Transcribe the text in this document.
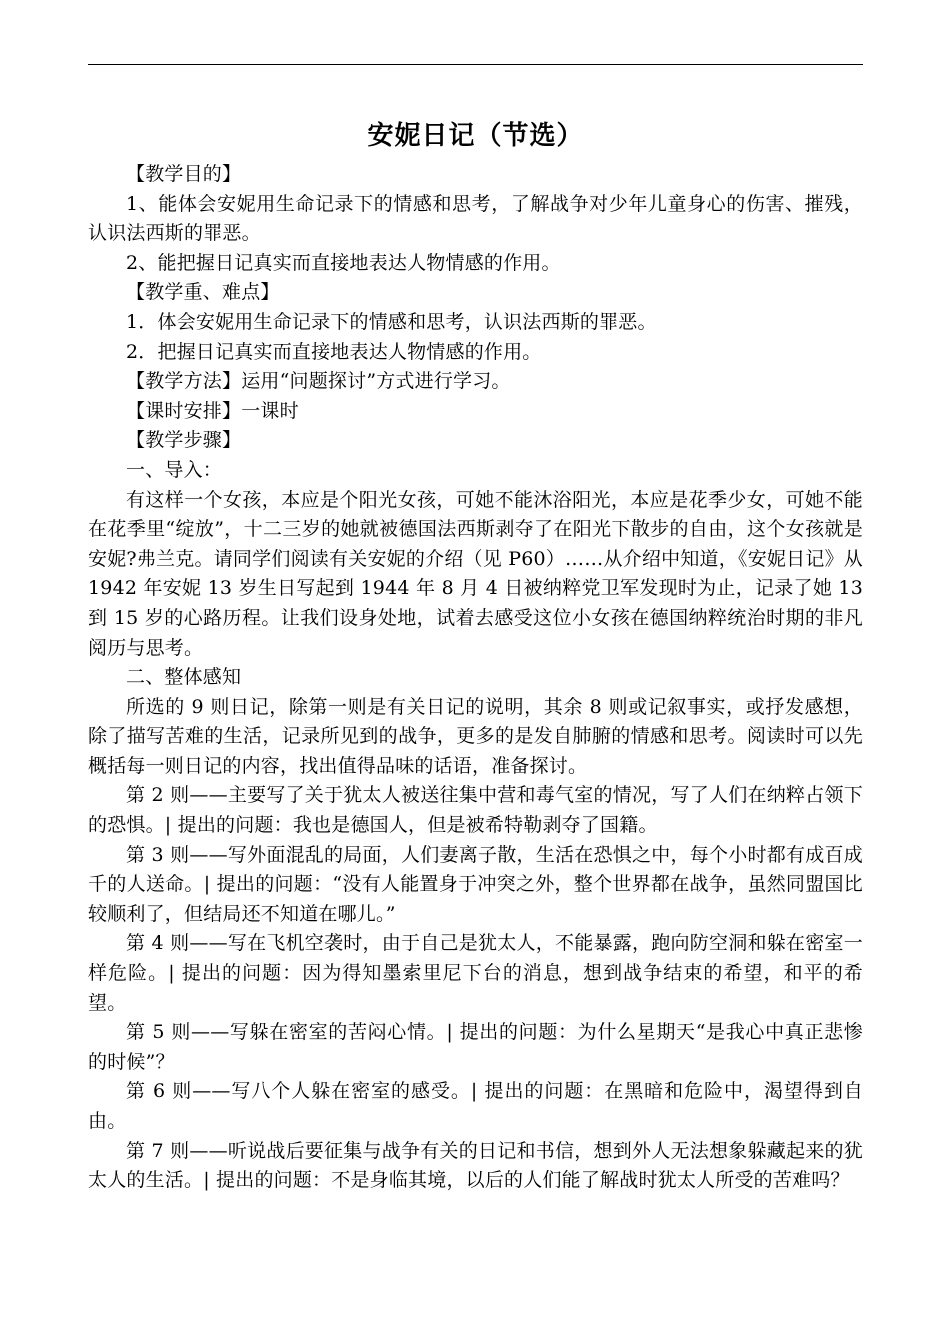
安妮日记（节选）

【教学目的】

1、能体会安妮用生命记录下的情感和思考，了解战争对少年儿童身心的伤害、摧残，认识法西斯的罪恶。

2、能把握日记真实而直接地表达人物情感的作用。

【教学重、难点】

1．体会安妮用生命记录下的情感和思考，认识法西斯的罪恶。

2．把握日记真实而直接地表达人物情感的作用。

【教学方法】运用“问题探讨”方式进行学习。

【课时安排】一课时

【教学步骤】

一、导入：

有这样一个女孩，本应是个阳光女孩，可她不能沐浴阳光，本应是花季少女，可她不能在花季里“绽放”，十二三岁的她就被德国法西斯剥夺了在阳光下散步的自由，这个女孩就是安妮?弗兰克。请同学们阅读有关安妮的介绍（见 P60）……从介绍中知道，《安妮日记》从 1942 年安妮 13 岁生日写起到 1944 年 8 月 4 日被纳粹党卫军发现时为止，记录了她 13 到 15 岁的心路历程。让我们设身处地，试着去感受这位小女孩在德国纳粹统治时期的非凡阅历与思考。

二、整体感知

所选的 9 则日记，除第一则是有关日记的说明，其余 8 则或记叙事实，或抒发感想，除了描写苦难的生活，记录所见到的战争，更多的是发自肺腑的情感和思考。阅读时可以先概括每一则日记的内容，找出值得品味的话语，准备探讨。

第 2 则——主要写了关于犹太人被送往集中营和毒气室的情况，写了人们在纳粹占领下的恐惧。| 提出的问题：我也是德国人，但是被希特勒剥夺了国籍。

第 3 则——写外面混乱的局面，人们妻离子散，生活在恐惧之中，每个小时都有成百成千的人送命。| 提出的问题：“没有人能置身于冲突之外，整个世界都在战争，虽然同盟国比较顺利了，但结局还不知道在哪儿。”

第 4 则——写在飞机空袭时，由于自己是犹太人，不能暴露，跑向防空洞和躲在密室一样危险。| 提出的问题：因为得知墨索里尼下台的消息，想到战争结束的希望，和平的希望。

第 5 则——写躲在密室的苦闷心情。| 提出的问题：为什么星期天“是我心中真正悲惨的时候”？

第 6 则——写八个人躲在密室的感受。| 提出的问题：在黑暗和危险中，渴望得到自由。

第 7 则——听说战后要征集与战争有关的日记和书信，想到外人无法想象躲藏起来的犹太人的生活。| 提出的问题：不是身临其境，以后的人们能了解战时犹太人所受的苦难吗？
